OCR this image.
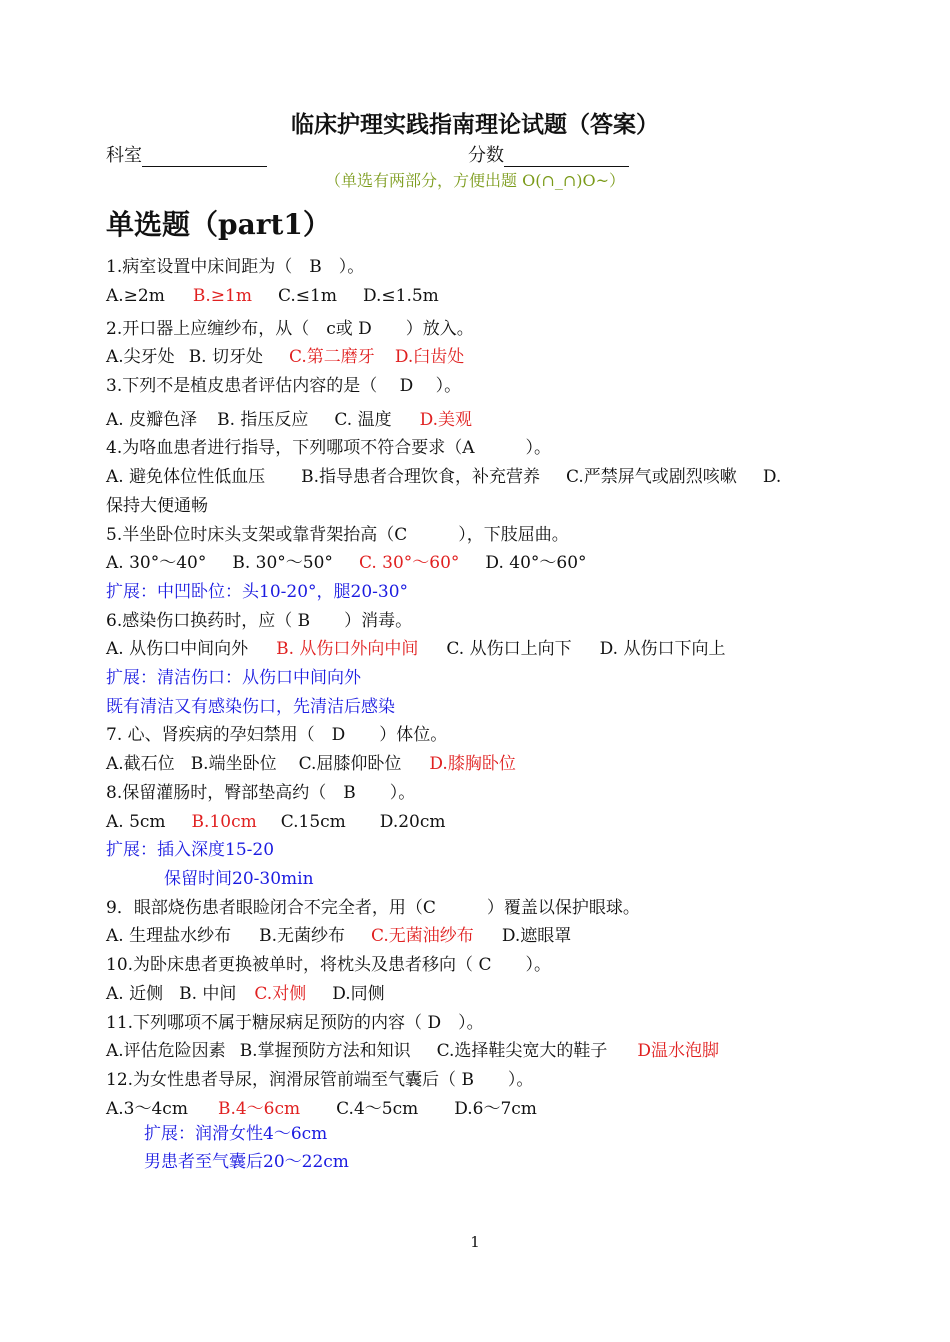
临床护理实践指南理论试题（答案）
科室	分数
（单选有两部分，方便出题 O(∩_∩)O~）
单选题（part1）
1.病室设置中床间距为（　B　）。
A.≥2m B.≥1m C.≤1m D.≤1.5m
2.开口器上应缠纱布，从（　c或 D　　）放入。
A.尖牙处 B. 切牙处 C.第二磨牙 D.臼齿处
3.下列不是植皮患者评估内容的是（　 D　 ）。
A. 皮瓣色泽 B. 指压反应 C. 温度 D.美观
4.为咯血患者进行指导，下列哪项不符合要求（A　　　）。
A. 避免体位性低血压 B.指导患者合理饮食，补充营养 C.严禁屏气或剧烈咳嗽 D.
保持大便通畅
5.半坐卧位时床头支架或靠背架抬高（C　　　），下肢屈曲。
A. 30°～40° B. 30°～50° C. 30°～60° D. 40°～60°
扩展：中凹卧位：头10-20°，腿20-30°
6.感染伤口换药时，应（ B　　）消毒。
A. 从伤口中间向外 B. 从伤口外向中间 C. 从伤口上向下 D. 从伤口下向上
扩展：清洁伤口：从伤口中间向外
既有清洁又有感染伤口，先清洁后感染
7. 心、肾疾病的孕妇禁用（　D　　）体位。
A.截石位 B.端坐卧位 C.屈膝仰卧位 D.膝胸卧位
8.保留灌肠时，臀部垫高约（　B　　）。
A. 5cm B.10cm C.15cm D.20cm
扩展：插入深度15-20
保留时间20-30min
9．眼部烧伤患者眼睑闭合不完全者，用（C　　　）覆盖以保护眼球。
A. 生理盐水纱布 B.无菌纱布 C.无菌油纱布 D.遮眼罩
10.为卧床患者更换被单时，将枕头及患者移向（ C　　）。
A. 近侧 B. 中间 C.对侧 D.同侧
11.下列哪项不属于糖尿病足预防的内容（ D　）。
A.评估危险因素 B.掌握预防方法和知识 C.选择鞋尖宽大的鞋子 D温水泡脚
12.为女性患者导尿，润滑尿管前端至气囊后（ B　　）。
A.3～4cm B.4～6cm C.4～5cm D.6～7cm
扩展：润滑女性4～6cm
男患者至气囊后20～22cm
1
